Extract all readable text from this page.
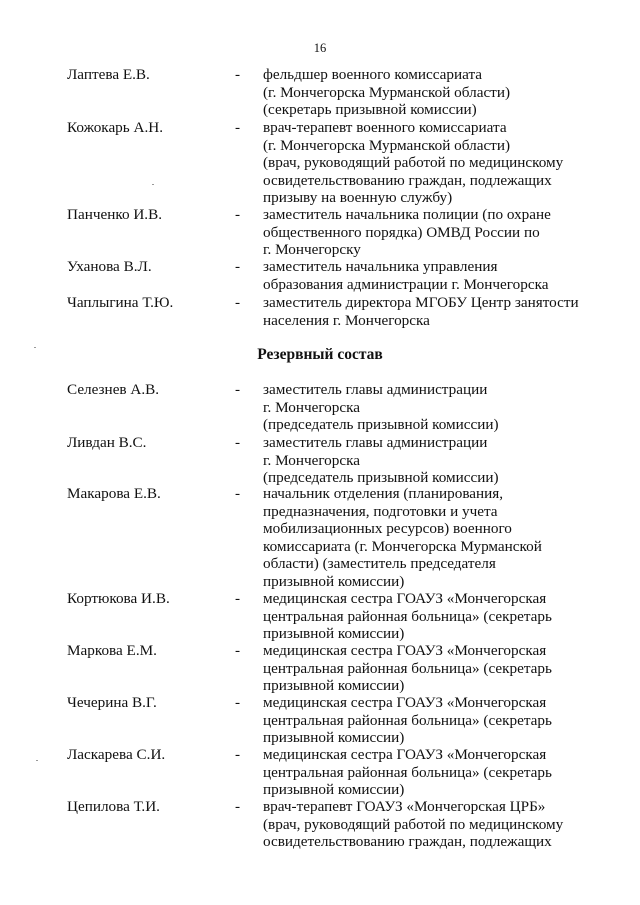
16
Лаптева Е.В.	- фельдшер военного комиссариата
(г. Мончегорска Мурманской области)
(секретарь призывной комиссии)
Кожокарь А.Н.	- врач-терапевт военного комиссариата
(г. Мончегорска Мурманской области)
(врач, руководящий работой по медицинскому
освидетельствованию граждан, подлежащих
призыву на военную службу)
Панченко И.В.	- заместитель начальника полиции (по охране
общественного порядка) ОМВД России по
г. Мончегорску
Уханова В.Л.	- заместитель начальника управления
образования администрации г. Мончегорска
Чаплыгина Т.Ю.	- заместитель директора МГОБУ Центр занятости
населения г. Мончегорска
Резервный состав
Селезнев А.В.	- заместитель главы администрации
г. Мончегорска
(председатель призывной комиссии)
Ливдан В.С.	- заместитель главы администрации
г. Мончегорска
(председатель призывной комиссии)
Макарова Е.В.	- начальник отделения (планирования,
предназначения, подготовки и учета
мобилизационных ресурсов) военного
комиссариата (г. Мончегорска Мурманской
области) (заместитель председателя
призывной комиссии)
Кортюкова И.В.	- медицинская сестра ГОАУЗ «Мончегорская
центральная районная больница» (секретарь
призывной комиссии)
Маркова Е.М.	- медицинская сестра ГОАУЗ «Мончегорская
центральная районная больница» (секретарь
призывной комиссии)
Чечерина В.Г.	- медицинская сестра ГОАУЗ «Мончегорская
центральная районная больница» (секретарь
призывной комиссии)
Ласкарева С.И.	- медицинская сестра ГОАУЗ «Мончегорская
центральная районная больница» (секретарь
призывной комиссии)
Цепилова Т.И.	- врач-терапевт ГОАУЗ «Мончегорская ЦРБ»
(врач, руководящий работой по медицинскому
освидетельствованию граждан, подлежащих
